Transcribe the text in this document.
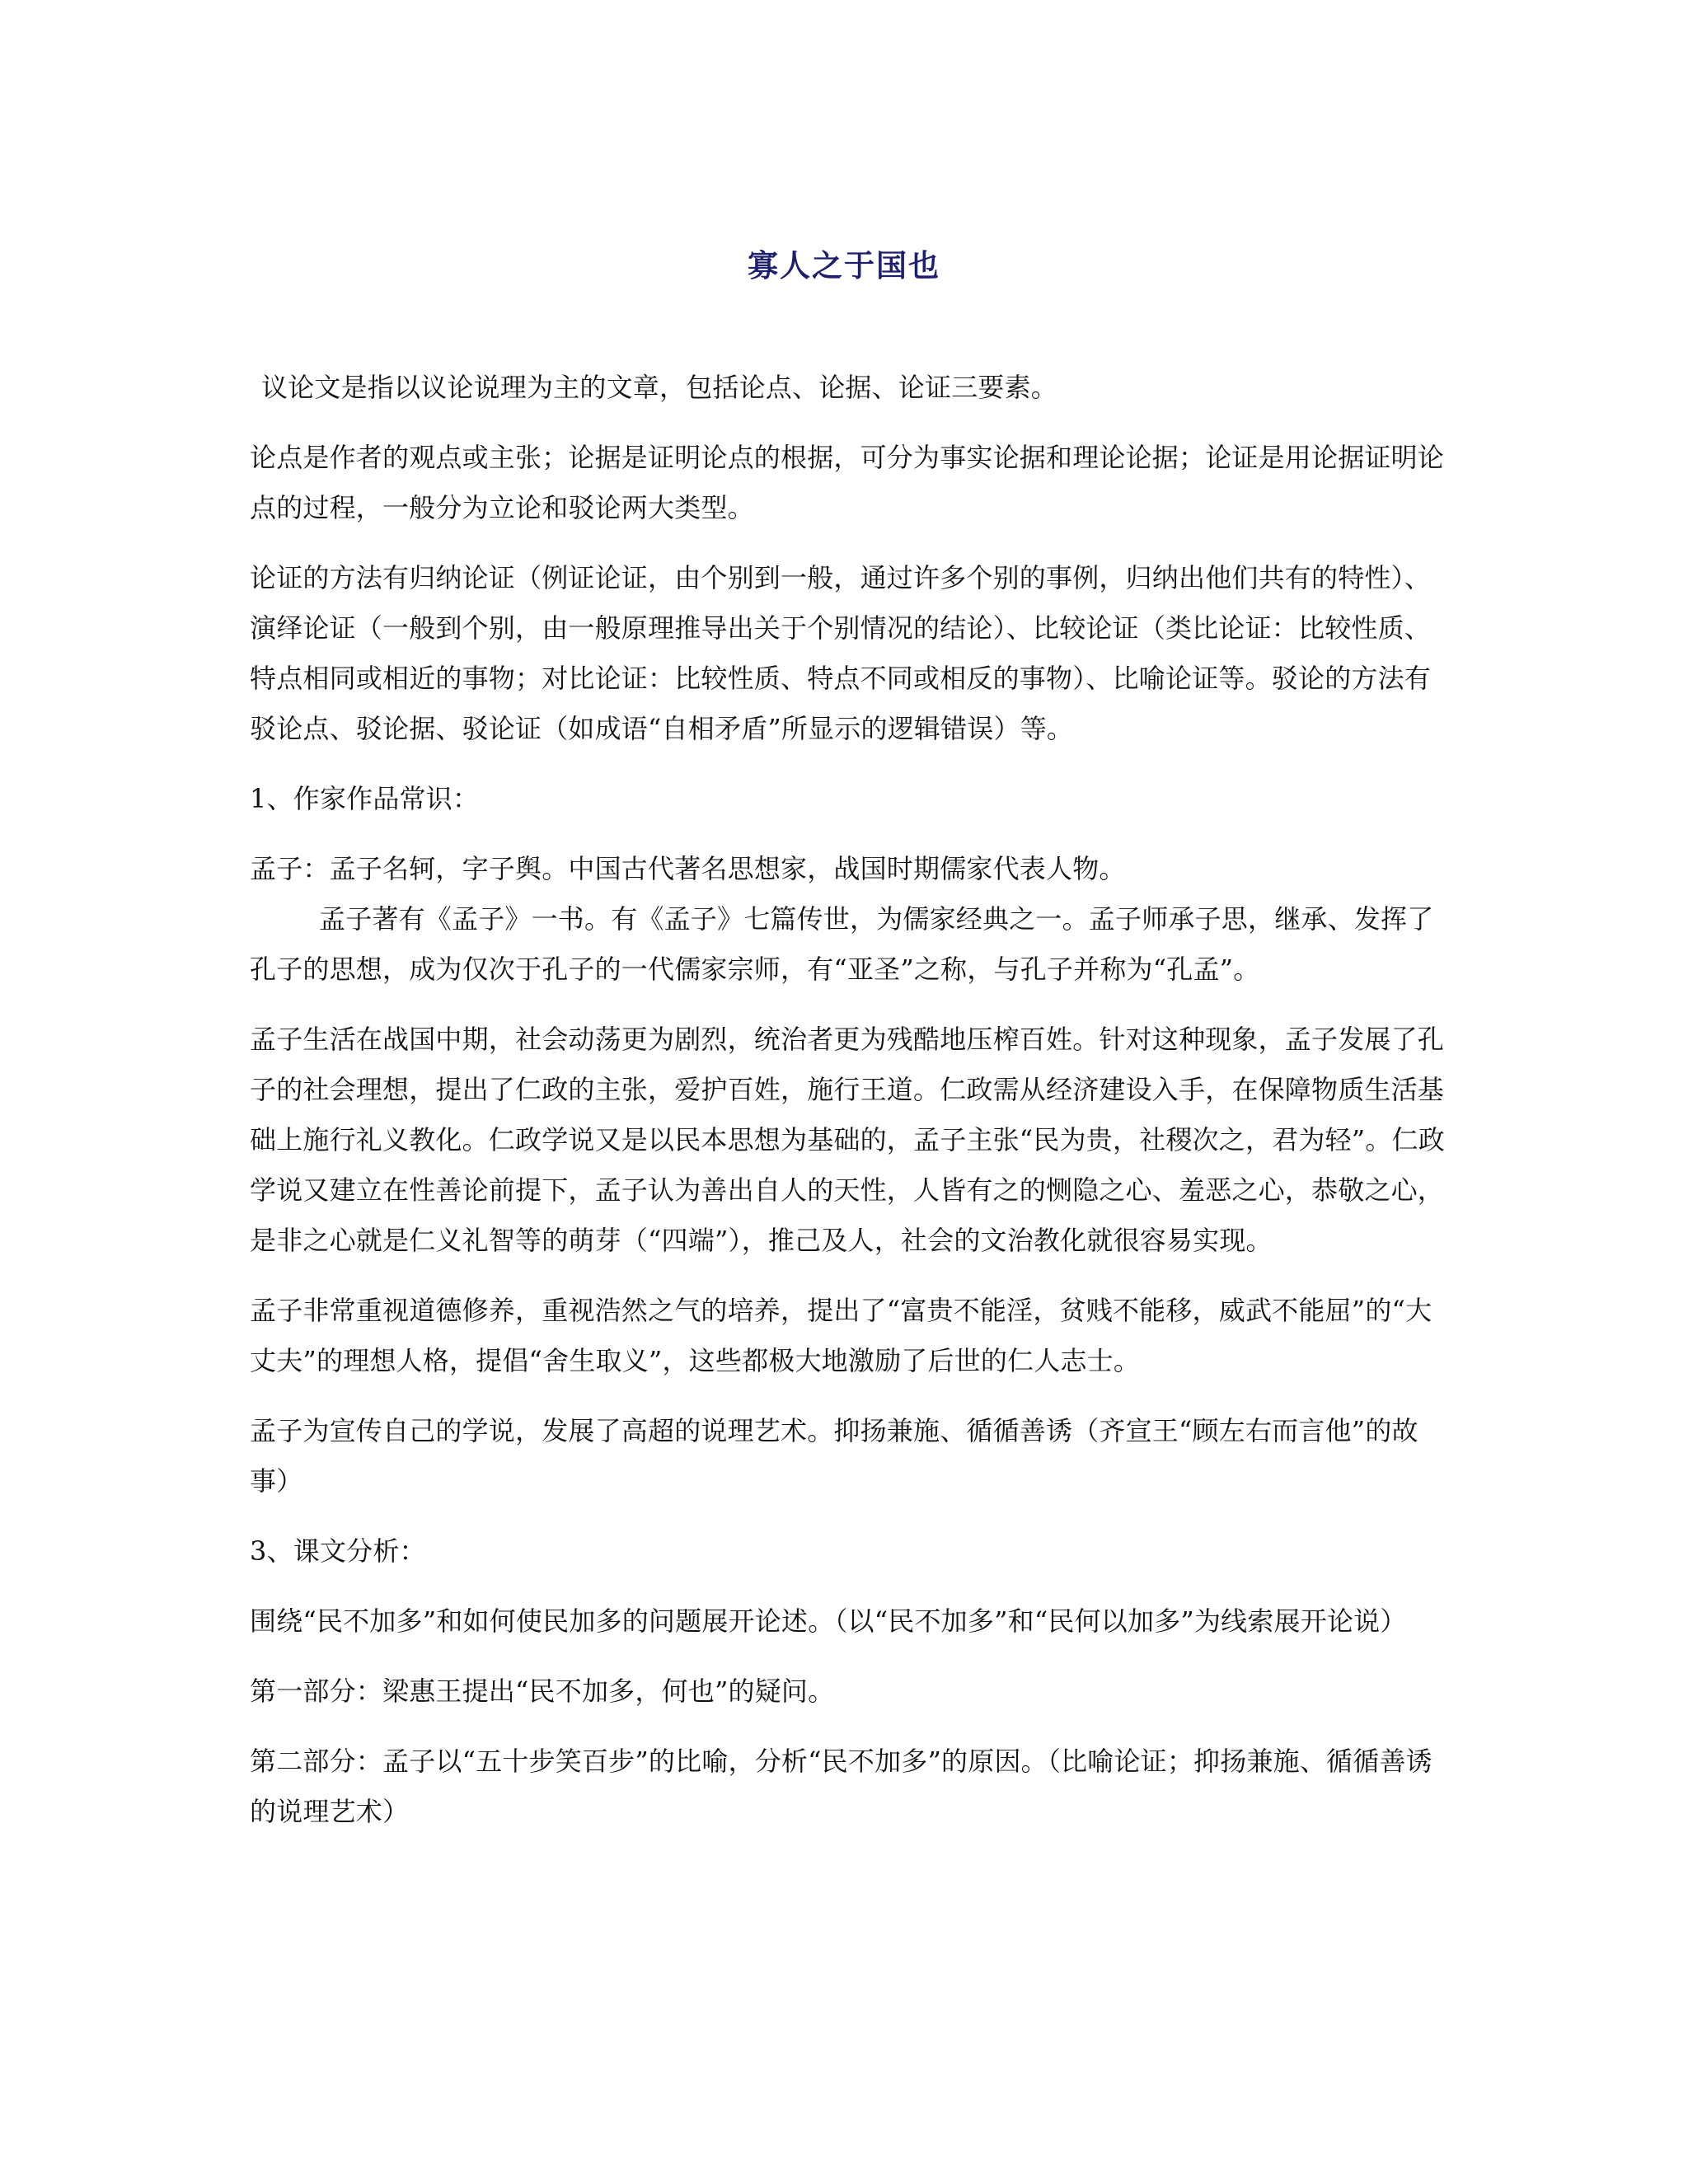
寡人之于国也

议论文是指以议论说理为主的文章，包括论点、论据、论证三要素。

论点是作者的观点或主张；论据是证明论点的根据，可分为事实论据和理论论据；论证是用论据证明论点的过程，一般分为立论和驳论两大类型。

论证的方法有归纳论证（例证论证，由个别到一般，通过许多个别的事例，归纳出他们共有的特性）、演绎论证（一般到个别，由一般原理推导出关于个别情况的结论）、比较论证（类比论证：比较性质、特点相同或相近的事物；对比论证：比较性质、特点不同或相反的事物）、比喻论证等。驳论的方法有驳论点、驳论据、驳论证（如成语“自相矛盾”所显示的逻辑错误）等。

1、作家作品常识：

孟子：孟子名轲，字子舆。中国古代著名思想家，战国时期儒家代表人物。

孟子著有《孟子》一书。有《孟子》七篇传世，为儒家经典之一。孟子师承子思，继承、发挥了孔子的思想，成为仅次于孔子的一代儒家宗师，有“亚圣”之称，与孔子并称为“孔孟”。

孟子生活在战国中期，社会动荡更为剧烈，统治者更为残酷地压榨百姓。针对这种现象，孟子发展了孔子的社会理想，提出了仁政的主张，爱护百姓，施行王道。仁政需从经济建设入手，在保障物质生活基础上施行礼义教化。仁政学说又是以民本思想为基础的，孟子主张“民为贵，社稷次之，君为轻”。仁政学说又建立在性善论前提下，孟子认为善出自人的天性，人皆有之的恻隐之心、羞恶之心，恭敬之心，是非之心就是仁义礼智等的萌芽（“四端”），推己及人，社会的文治教化就很容易实现。

孟子非常重视道德修养，重视浩然之气的培养，提出了“富贵不能淫，贫贱不能移，威武不能屈”的“大丈夫”的理想人格，提倡“舍生取义”，这些都极大地激励了后世的仁人志士。

孟子为宣传自己的学说，发展了高超的说理艺术。抑扬兼施、循循善诱（齐宣王“顾左右而言他”的故事）

3、课文分析：

围绕“民不加多”和如何使民加多的问题展开论述。（以“民不加多”和“民何以加多”为线索展开论说）

第一部分：梁惠王提出“民不加多，何也”的疑问。

第二部分：孟子以“五十步笑百步”的比喻，分析“民不加多”的原因。（比喻论证；抑扬兼施、循循善诱的说理艺术）
